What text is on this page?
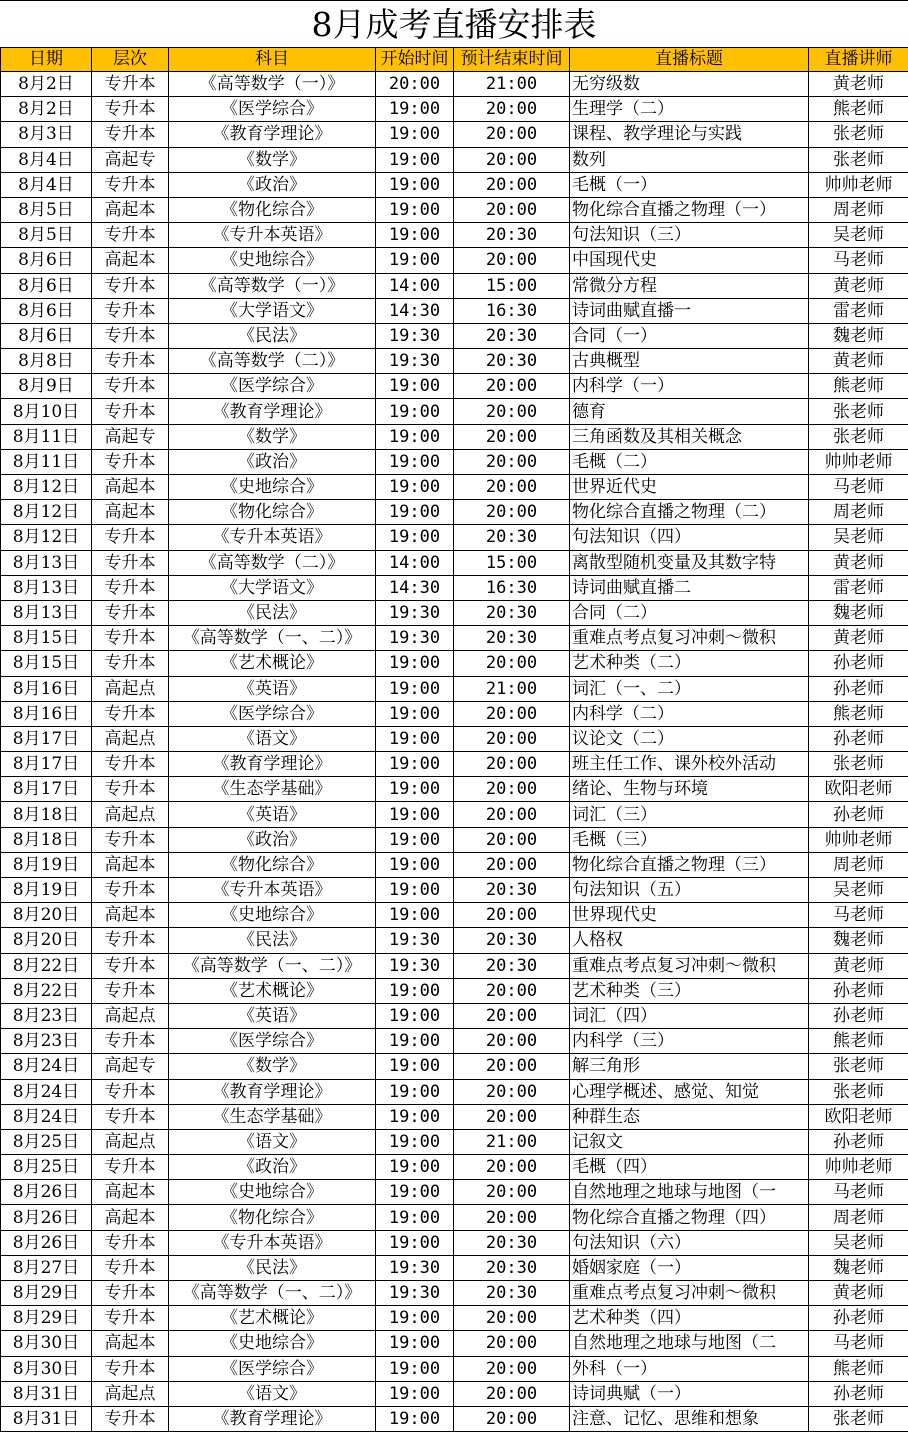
8月成考直播安排表
日期	层次	科目	开始时间	预计结束时间	直播标题	直播讲师
8月2日	专升本	《高等数学（一）》	20:00	21:00	无穷级数	黄老师
8月2日	专升本	《医学综合》	19:00	20:00	生理学（二）	熊老师
8月3日	专升本	《教育学理论》	19:00	20:00	课程、教学理论与实践	张老师
8月4日	高起专	《数学》	19:00	20:00	数列	张老师
8月4日	专升本	《政治》	19:00	20:00	毛概（一）	帅帅老师
8月5日	高起本	《物化综合》	19:00	20:00	物化综合直播之物理（一）	周老师
8月5日	专升本	《专升本英语》	19:00	20:30	句法知识（三）	吴老师
8月6日	高起本	《史地综合》	19:00	20:00	中国现代史	马老师
8月6日	专升本	《高等数学（一）》	14:00	15:00	常微分方程	黄老师
8月6日	专升本	《大学语文》	14:30	16:30	诗词曲赋直播一	雷老师
8月6日	专升本	《民法》	19:30	20:30	合同（一）	魏老师
8月8日	专升本	《高等数学（二）》	19:30	20:30	古典概型	黄老师
8月9日	专升本	《医学综合》	19:00	20:00	内科学（一）	熊老师
8月10日	专升本	《教育学理论》	19:00	20:00	德育	张老师
8月11日	高起专	《数学》	19:00	20:00	三角函数及其相关概念	张老师
8月11日	专升本	《政治》	19:00	20:00	毛概（二）	帅帅老师
8月12日	高起本	《史地综合》	19:00	20:00	世界近代史	马老师
8月12日	高起本	《物化综合》	19:00	20:00	物化综合直播之物理（二）	周老师
8月12日	专升本	《专升本英语》	19:00	20:30	句法知识（四）	吴老师
8月13日	专升本	《高等数学（二）》	14:00	15:00	离散型随机变量及其数字特	黄老师
8月13日	专升本	《大学语文》	14:30	16:30	诗词曲赋直播二	雷老师
8月13日	专升本	《民法》	19:30	20:30	合同（二）	魏老师
8月15日	专升本	《高等数学（一、二）》	19:30	20:30	重难点考点复习冲刺～微积	黄老师
8月15日	专升本	《艺术概论》	19:00	20:00	艺术种类（二）	孙老师
8月16日	高起点	《英语》	19:00	21:00	词汇（一、二）	孙老师
8月16日	专升本	《医学综合》	19:00	20:00	内科学（二）	熊老师
8月17日	高起点	《语文》	19:00	20:00	议论文（二）	孙老师
8月17日	专升本	《教育学理论》	19:00	20:00	班主任工作、课外校外活动	张老师
8月17日	专升本	《生态学基础》	19:00	20:00	绪论、生物与环境	欧阳老师
8月18日	高起点	《英语》	19:00	20:00	词汇（三）	孙老师
8月18日	专升本	《政治》	19:00	20:00	毛概（三）	帅帅老师
8月19日	高起本	《物化综合》	19:00	20:00	物化综合直播之物理（三）	周老师
8月19日	专升本	《专升本英语》	19:00	20:30	句法知识（五）	吴老师
8月20日	高起本	《史地综合》	19:00	20:00	世界现代史	马老师
8月20日	专升本	《民法》	19:30	20:30	人格权	魏老师
8月22日	专升本	《高等数学（一、二）》	19:30	20:30	重难点考点复习冲刺～微积	黄老师
8月22日	专升本	《艺术概论》	19:00	20:00	艺术种类（三）	孙老师
8月23日	高起点	《英语》	19:00	20:00	词汇（四）	孙老师
8月23日	专升本	《医学综合》	19:00	20:00	内科学（三）	熊老师
8月24日	高起专	《数学》	19:00	20:00	解三角形	张老师
8月24日	专升本	《教育学理论》	19:00	20:00	心理学概述、感觉、知觉	张老师
8月24日	专升本	《生态学基础》	19:00	20:00	种群生态	欧阳老师
8月25日	高起点	《语文》	19:00	21:00	记叙文	孙老师
8月25日	专升本	《政治》	19:00	20:00	毛概（四）	帅帅老师
8月26日	高起本	《史地综合》	19:00	20:00	自然地理之地球与地图（一	马老师
8月26日	高起本	《物化综合》	19:00	20:00	物化综合直播之物理（四）	周老师
8月26日	专升本	《专升本英语》	19:00	20:30	句法知识（六）	吴老师
8月27日	专升本	《民法》	19:30	20:30	婚姻家庭（一）	魏老师
8月29日	专升本	《高等数学（一、二）》	19:30	20:30	重难点考点复习冲刺～微积	黄老师
8月29日	专升本	《艺术概论》	19:00	20:00	艺术种类（四）	孙老师
8月30日	高起本	《史地综合》	19:00	20:00	自然地理之地球与地图（二	马老师
8月30日	专升本	《医学综合》	19:00	20:00	外科（一）	熊老师
8月31日	高起点	《语文》	19:00	20:00	诗词典赋（一）	孙老师
8月31日	专升本	《教育学理论》	19:00	20:00	注意、记忆、思维和想象	张老师
